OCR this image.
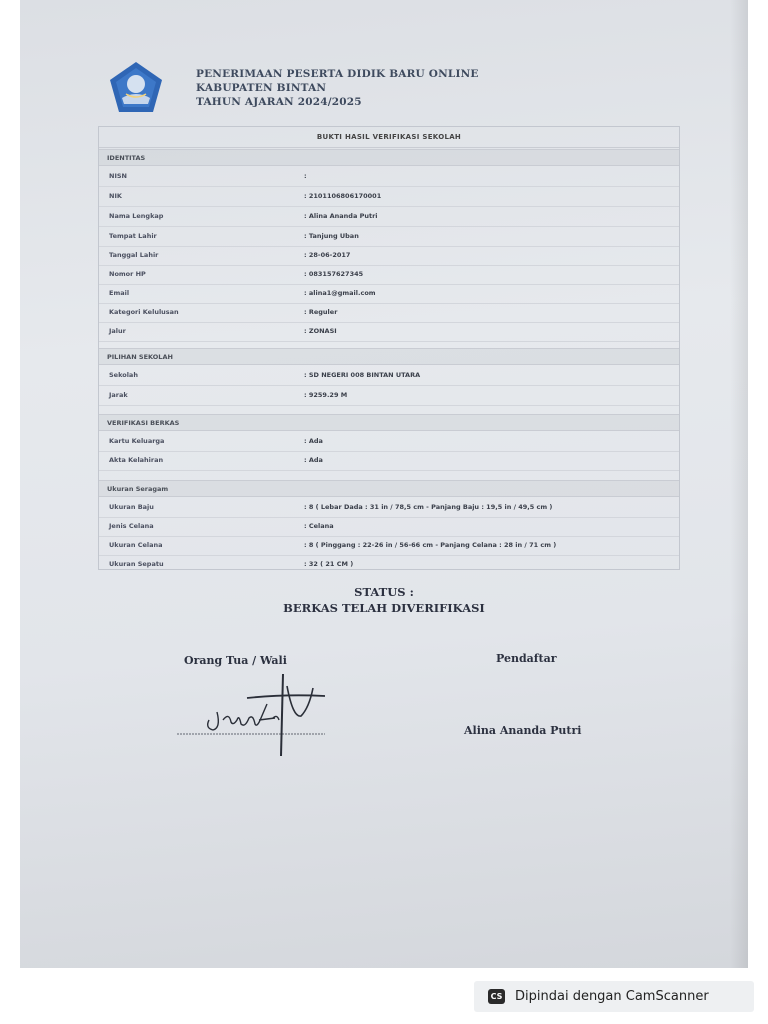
PENERIMAAN PESERTA DIDIK BARU ONLINE
KABUPATEN BINTAN
TAHUN AJARAN 2024/2025
BUKTI HASIL VERIFIKASI SEKOLAH
IDENTITAS
NISN	:
NIK	: 2101106806170001
Nama Lengkap	: Alina Ananda Putri
Tempat Lahir	: Tanjung Uban
Tanggal Lahir	: 28-06-2017
Nomor HP	: 083157627345
Email	: alina1@gmail.com
Kategori Kelulusan	: Reguler
Jalur	: ZONASI
PILIHAN SEKOLAH
Sekolah	: SD NEGERI 008 BINTAN UTARA
Jarak	: 9259.29 M
VERIFIKASI BERKAS
Kartu Keluarga	: Ada
Akta Kelahiran	: Ada
Ukuran Seragam
Ukuran Baju	: 8 ( Lebar Dada : 31 in / 78,5 cm - Panjang Baju : 19,5 in / 49,5 cm )
Jenis Celana	: Celana
Ukuran Celana	: 8 ( Pinggang : 22-26 in / 56-66 cm - Panjang Celana : 28 in / 71 cm )
Ukuran Sepatu	: 32 ( 21 CM )
STATUS :
BERKAS TELAH DIVERIFIKASI
Orang Tua / Wali	Pendaftar
Alina Ananda Putri
CS Dipindai dengan CamScanner
